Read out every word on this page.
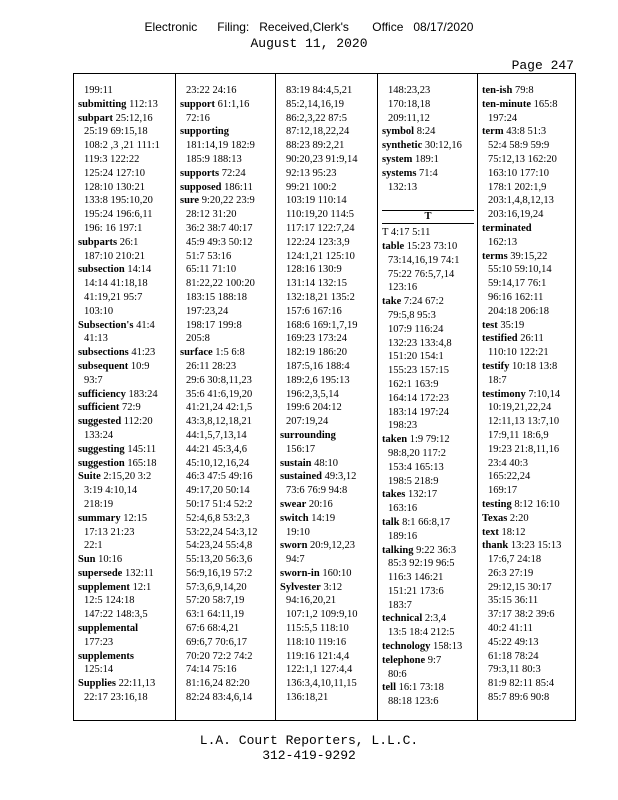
Electronic      Filing:   Received,Clerk's       Office   08/17/2020
August 11, 2020
Page 247
199:11
submitting 112:13
subpart 25:12,16
25:19 69:15,18
108:2 ,3 ,21 111:1
119:3 122:22
125:24 127:10
128:10 130:21
133:8 195:10,20
195:24 196:6,11
196: 16 197:1
subparts 26:1
187:10 210:21
subsection 14:14
14:14 41:18,18
41:19,21 95:7
103:10
Subsection's 41:4
41:13
subsections 41:23
subsequent 10:9
93:7
sufficiency 183:24
sufficient 72:9
suggested 112:20
133:24
suggesting 145:11
suggestion 165:18
Suite 2:15,20 3:2
3:19 4:10,14
218:19
summary 12:15
17:13 21:23
22:1
Sun 10:16
supersede 132:11
supplement 12:1
12:5 124:18
147:22 148:3,5
supplemental
177:23
supplements
125:14
Supplies 22:11,13
22:17 23:16,18
23:22 24:16
support 61:1,16
72:16
supporting
181:14,19 182:9
185:9 188:13
supports 72:24
supposed 186:11
sure 9:20,22 23:9
28:12 31:20
36:2 38:7 40:17
45:9 49:3 50:12
51:7 53:16
65:11 71:10
81:22,22 100:20
183:15 188:18
197:23,24
198:17 199:8
205:8
surface 1:5 6:8
26:11 28:23
29:6 30:8,11,23
35:6 41:6,19,20
41:21,24 42:1,5
43:3,8,12,18,21
44:1,5,7,13,14
44:21 45:3,4,6
45:10,12,16,24
46:3 47:5 49:16
49:17,20 50:14
50:17 51:4 52:2
52:4,6,8 53:2,3
53:22,24 54:3,12
54:23,24 55:4,8
55:13,20 56:3,6
56:9,16,19 57:2
57:3,6,9,14,20
57:20 58:7,19
63:1 64:11,19
67:6 68:4,21
69:6,7 70:6,17
70:20 72:2 74:2
74:14 75:16
81:16,24 82:20
82:24 83:4,6,14
83:19 84:4,5,21
85:2,14,16,19
86:2,3,22 87:5
87:12,18,22,24
88:23 89:2,21
90:20,23 91:9,14
92:13 95:23
99:21 100:2
103:19 110:14
110:19,20 114:5
117:17 122:7,24
122:24 123:3,9
124:1,21 125:10
128:16 130:9
131:14 132:15
132:18,21 135:2
157:6 167:16
168:6 169:1,7,19
169:23 173:24
182:19 186:20
187:5,16 188:4
189:2,6 195:13
196:2,3,5,14
199:6 204:12
207:19,24
surrounding
156:17
sustain 48:10
sustained 49:3,12
73:6 76:9 94:8
swear 20:16
switch 14:19
19:10
sworn 20:9,12,23
94:7
sworn-in 160:10
Sylvester 3:12
94:16,20,21
107:1,2 109:9,10
115:5,5 118:10
118:10 119:16
119:16 121:4,4
122:1,1 127:4,4
136:3,4,10,11,15
136:18,21
148:23,23
170:18,18
209:11,12
symbol 8:24
synthetic 30:12,16
system 189:1
systems 71:4
132:13

T
T 4:17 5:11
table 15:23 73:10
73:14,16,19 74:1
75:22 76:5,7,14
123:16
take 7:24 67:2
79:5,8 95:3
107:9 116:24
132:23 133:4,8
151:20 154:1
155:23 157:15
162:1 163:9
164:14 172:23
183:14 197:24
198:23
taken 1:9 79:12
98:8,20 117:2
153:4 165:13
198:5 218:9
takes 132:17
163:16
talk 8:1 66:8,17
189:16
talking 9:22 36:3
85:3 92:19 96:5
116:3 146:21
151:21 173:6
183:7
technical 2:3,4
13:5 18:4 212:5
technology 158:13
telephone 9:7
80:6
tell 16:1 73:18
88:18 123:6
ten-ish 79:8
ten-minute 165:8
197:24
term 43:8 51:3
52:4 58:9 59:9
75:12,13 162:20
163:10 177:10
178:1 202:1,9
203:1,4,8,12,13
203:16,19,24
terminated
162:13
terms 39:15,22
55:10 59:10,14
59:14,17 76:1
96:16 162:11
204:18 206:18
test 35:19
testified 26:11
110:10 122:21
testify 10:18 13:8
18:7
testimony 7:10,14
10:19,21,22,24
12:11,13 13:7,10
17:9,11 18:6,9
19:23 21:8,11,16
23:4 40:3
165:22,24
169:17
testing 8:12 16:10
Texas 2:20
text 18:12
thank 13:23 15:13
17:6,7 24:18
26:3 27:19
29:12,15 30:17
35:15 36:11
37:17 38:2 39:6
40:2 41:11
45:22 49:13
61:18 78:24
79:3,11 80:3
81:9 82:11 85:4
85:7 89:6 90:8
L.A. Court Reporters, L.L.C.
312-419-9292
